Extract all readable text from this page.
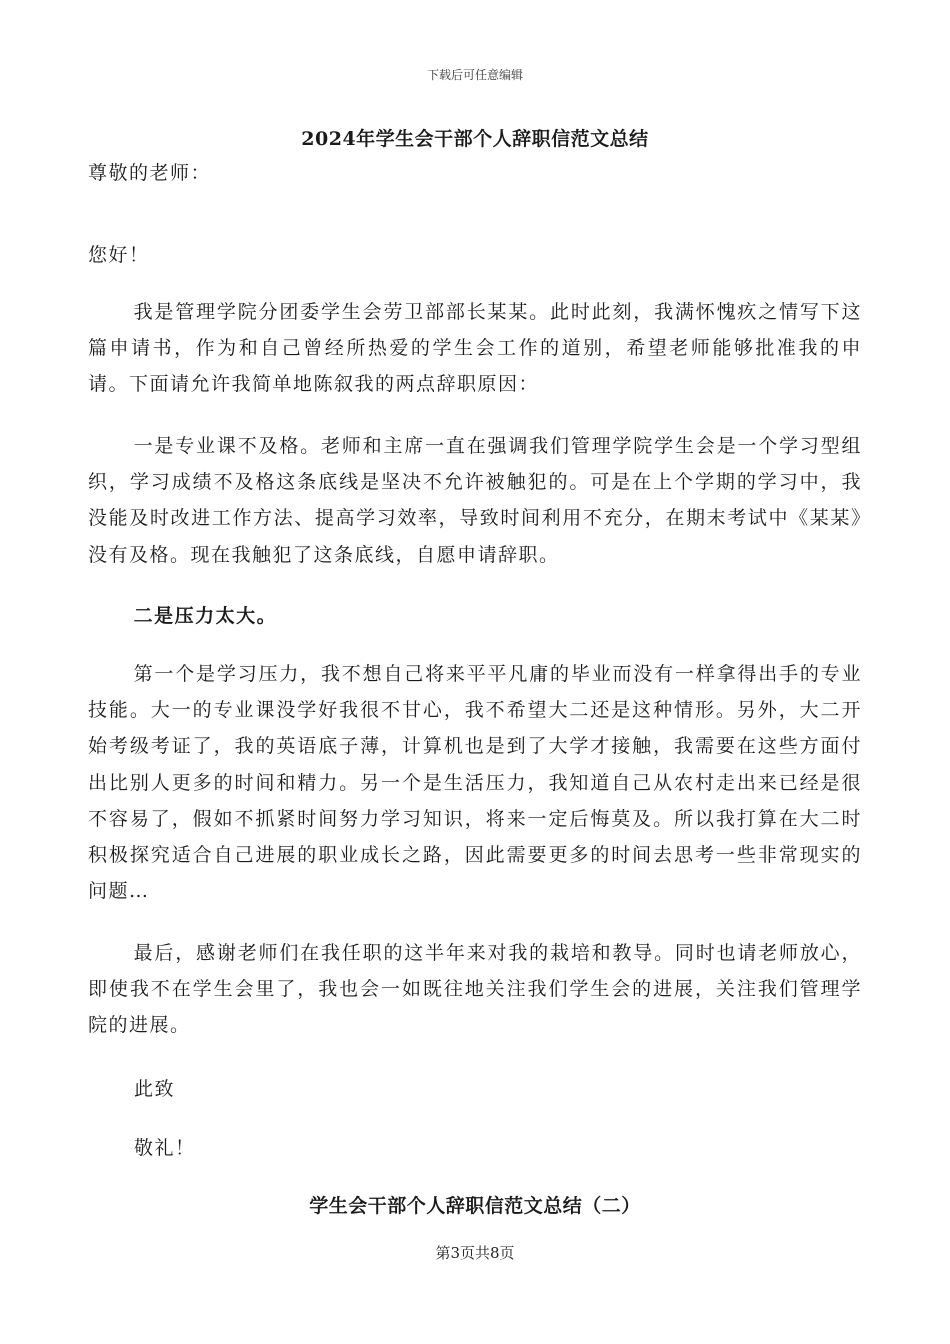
下载后可任意编辑
2024年学生会干部个人辞职信范文总结
尊敬的老师：
您好！
我是管理学院分团委学生会劳卫部部长某某。此时此刻，我满怀愧疚之情写下这篇申请书，作为和自己曾经所热爱的学生会工作的道别，希望老师能够批准我的申请。下面请允许我简单地陈叙我的两点辞职原因：
一是专业课不及格。老师和主席一直在强调我们管理学院学生会是一个学习型组织，学习成绩不及格这条底线是坚决不允许被触犯的。可是在上个学期的学习中，我没能及时改进工作方法、提高学习效率，导致时间利用不充分，在期末考试中《某某》没有及格。现在我触犯了这条底线，自愿申请辞职。
二是压力太大。
第一个是学习压力，我不想自己将来平平凡庸的毕业而没有一样拿得出手的专业技能。大一的专业课没学好我很不甘心，我不希望大二还是这种情形。另外，大二开始考级考证了，我的英语底子薄，计算机也是到了大学才接触，我需要在这些方面付出比别人更多的时间和精力。另一个是生活压力，我知道自己从农村走出来已经是很不容易了，假如不抓紧时间努力学习知识，将来一定后悔莫及。所以我打算在大二时积极探究适合自己进展的职业成长之路，因此需要更多的时间去思考一些非常现实的问题…
最后，感谢老师们在我任职的这半年来对我的栽培和教导。同时也请老师放心，即使我不在学生会里了，我也会一如既往地关注我们学生会的进展，关注我们管理学院的进展。
此致
敬礼！
学生会干部个人辞职信范文总结（二）
第3页共8页
